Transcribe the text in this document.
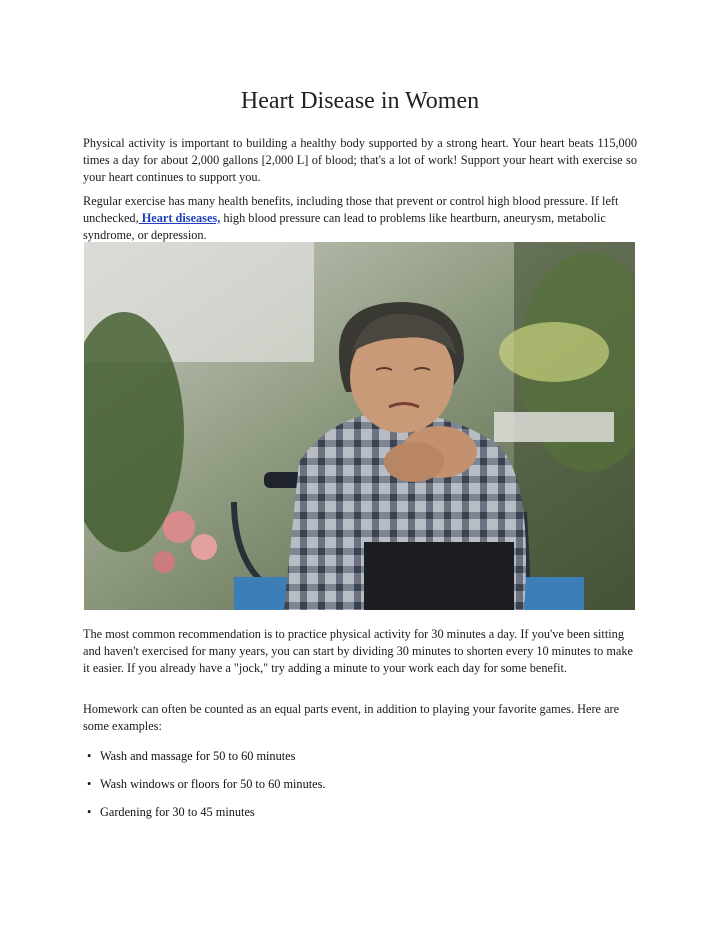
Heart Disease in Women

Physical activity is important to building a healthy body supported by a strong heart. Your heart beats 115,000 times a day for about 2,000 gallons [2,000 L] of blood; that's a lot of work! Support your heart with exercise so your heart continues to support you.

Regular exercise has many health benefits, including those that prevent or control high blood pressure. If left unchecked, Heart diseases, high blood pressure can lead to problems like heartburn, aneurysm, metabolic syndrome, or depression.

The most common recommendation is to practice physical activity for 30 minutes a day. If you've been sitting and haven't exercised for many years, you can start by dividing 30 minutes to shorten every 10 minutes to make it easier. If you already have a "jock," try adding a minute to your work each day for some benefit.

Homework can often be counted as an equal parts event, in addition to playing your favorite games. Here are some examples:

• Wash and massage for 50 to 60 minutes
• Wash windows or floors for 50 to 60 minutes.
• Gardening for 30 to 45 minutes
